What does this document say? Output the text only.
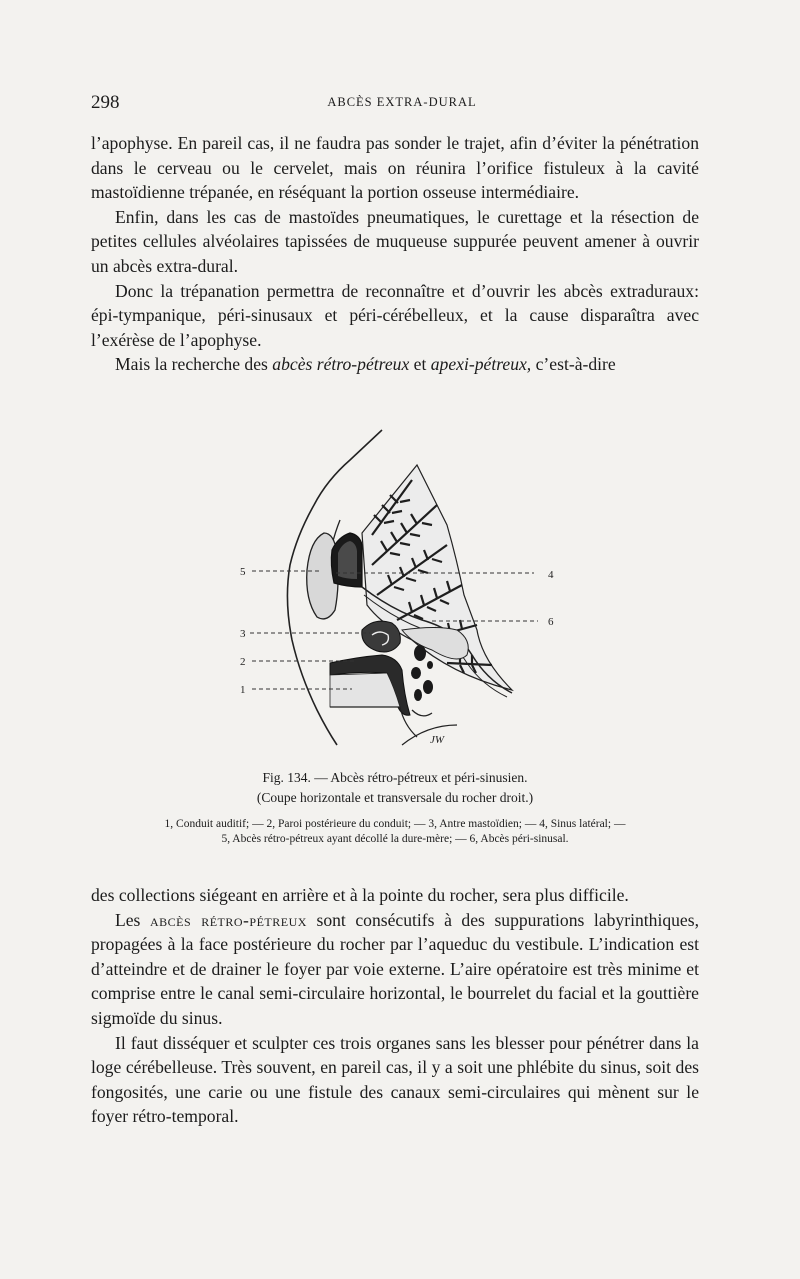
298	ABCÈS EXTRA-DURAL

l’apophyse. En pareil cas, il ne faudra pas sonder le trajet, afin d’éviter la pénétration dans le cerveau ou le cervelet, mais on réunira l’orifice fistuleux à la cavité mastoïdienne trépanée, en réséquant la portion osseuse intermédiaire.

Enfin, dans les cas de mastoïdes pneumatiques, le curettage et la résection de petites cellules alvéolaires tapissées de muqueuse suppurée peuvent amener à ouvrir un abcès extra-dural.

Donc la trépanation permettra de reconnaître et d’ouvrir les abcès extraduraux: épi-tympanique, péri-sinusaux et péri-cérébelleux, et la cause disparaîtra avec l’exérèse de l’apophyse.

Mais la recherche des abcès rétro-pétreux et apexi-pétreux, c’est-à-dire

5	4
6
3
2
1
JW
Fig. 134. — Abcès rétro-pétreux et péri-sinusien.
(Coupe horizontale et transversale du rocher droit.)
1, Conduit auditif; — 2, Paroi postérieure du conduit; — 3, Antre mastoïdien; — 4, Sinus latéral; —
5, Abcès rétro-pétreux ayant décollé la dure-mère; — 6, Abcès péri-sinusal.

des collections siégeant en arrière et à la pointe du rocher, sera plus difficile.

Les abcès rétro-pétreux sont consécutifs à des suppurations labyrinthiques, propagées à la face postérieure du rocher par l’aqueduc du vestibule. L’indication est d’atteindre et de drainer le foyer par voie externe. L’aire opératoire est très minime et comprise entre le canal semi-circulaire horizontal, le bourrelet du facial et la gouttière sigmoïde du sinus.

Il faut disséquer et sculpter ces trois organes sans les blesser pour pénétrer dans la loge cérébelleuse. Très souvent, en pareil cas, il y a soit une phlébite du sinus, soit des fongosités, une carie ou une fistule des canaux semi-circulaires qui mènent sur le foyer rétro-temporal.
